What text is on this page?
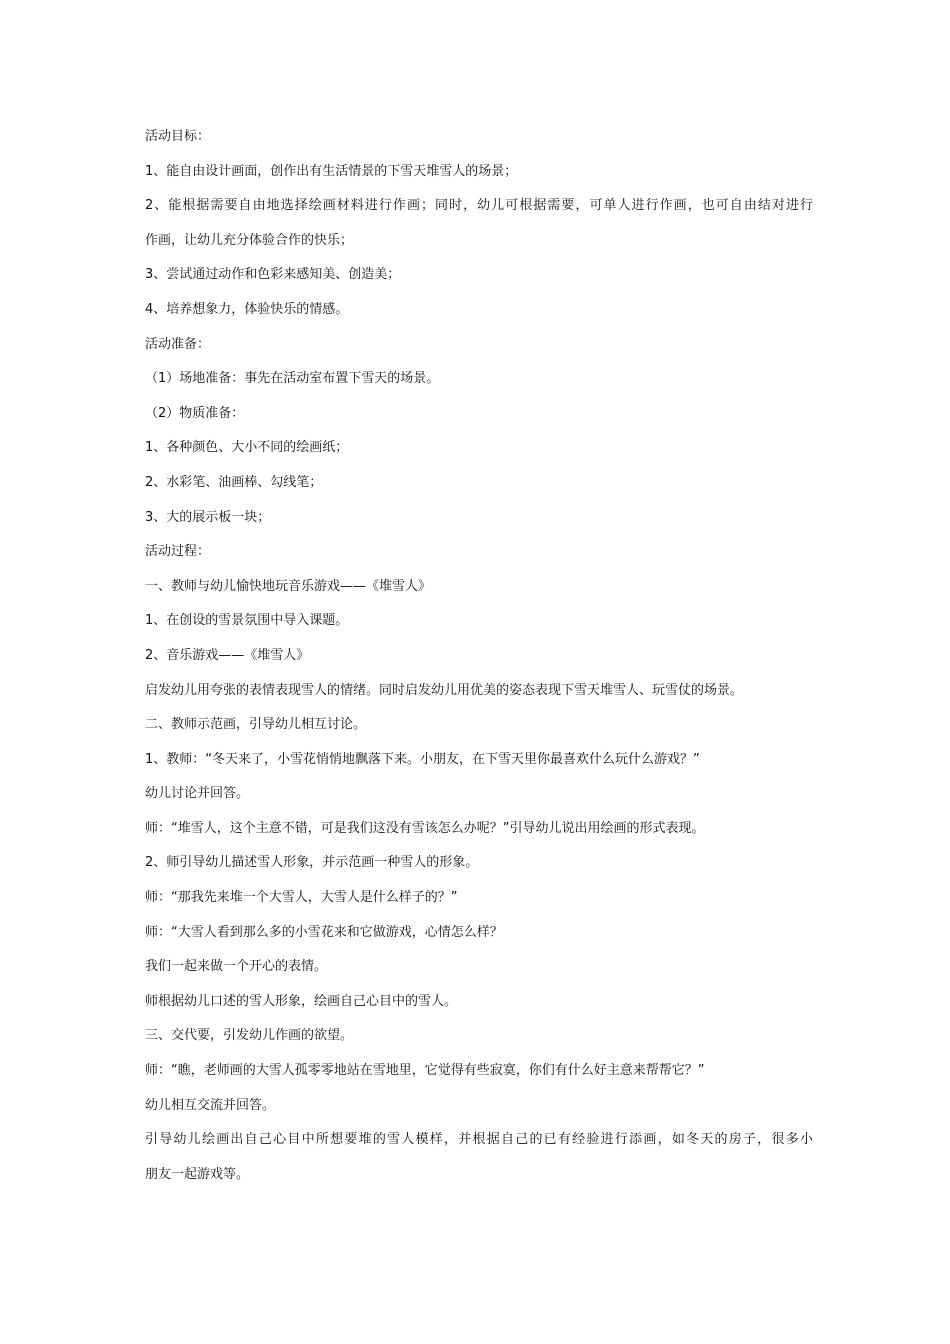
活动目标：
1、能自由设计画面，创作出有生活情景的下雪天堆雪人的场景；
2、能根据需要自由地选择绘画材料进行作画；同时，幼儿可根据需要，可单人进行作画，也可自由结对进行
作画，让幼儿充分体验合作的快乐；
3、尝试通过动作和色彩来感知美、创造美；
4、培养想象力，体验快乐的情感。
活动准备：
（1）场地准备：事先在活动室布置下雪天的场景。
（2）物质准备：
1、各种颜色、大小不同的绘画纸；
2、水彩笔、油画棒、勾线笔；
3、大的展示板一块；
活动过程：
一、教师与幼儿愉快地玩音乐游戏——《堆雪人》
1、在创设的雪景氛围中导入课题。
2、音乐游戏——《堆雪人》
启发幼儿用夸张的表情表现雪人的情绪。同时启发幼儿用优美的姿态表现下雪天堆雪人、玩雪仗的场景。
二、教师示范画，引导幼儿相互讨论。
1、教师：“冬天来了，小雪花悄悄地飘落下来。小朋友，在下雪天里你最喜欢什么玩什么游戏？”
幼儿讨论并回答。
师：“堆雪人，这个主意不错，可是我们这没有雪该怎么办呢？”引导幼儿说出用绘画的形式表现。
2、师引导幼儿描述雪人形象，并示范画一种雪人的形象。
师：“那我先来堆一个大雪人，大雪人是什么样子的？”
师：“大雪人看到那么多的小雪花来和它做游戏，心情怎么样？
我们一起来做一个开心的表情。
师根据幼儿口述的雪人形象，绘画自己心目中的雪人。
三、交代要，引发幼儿作画的欲望。
师：“瞧，老师画的大雪人孤零零地站在雪地里，它觉得有些寂寞，你们有什么好主意来帮帮它？”
幼儿相互交流并回答。
引导幼儿绘画出自己心目中所想要堆的雪人模样，并根据自己的已有经验进行添画，如冬天的房子，很多小
朋友一起游戏等。
